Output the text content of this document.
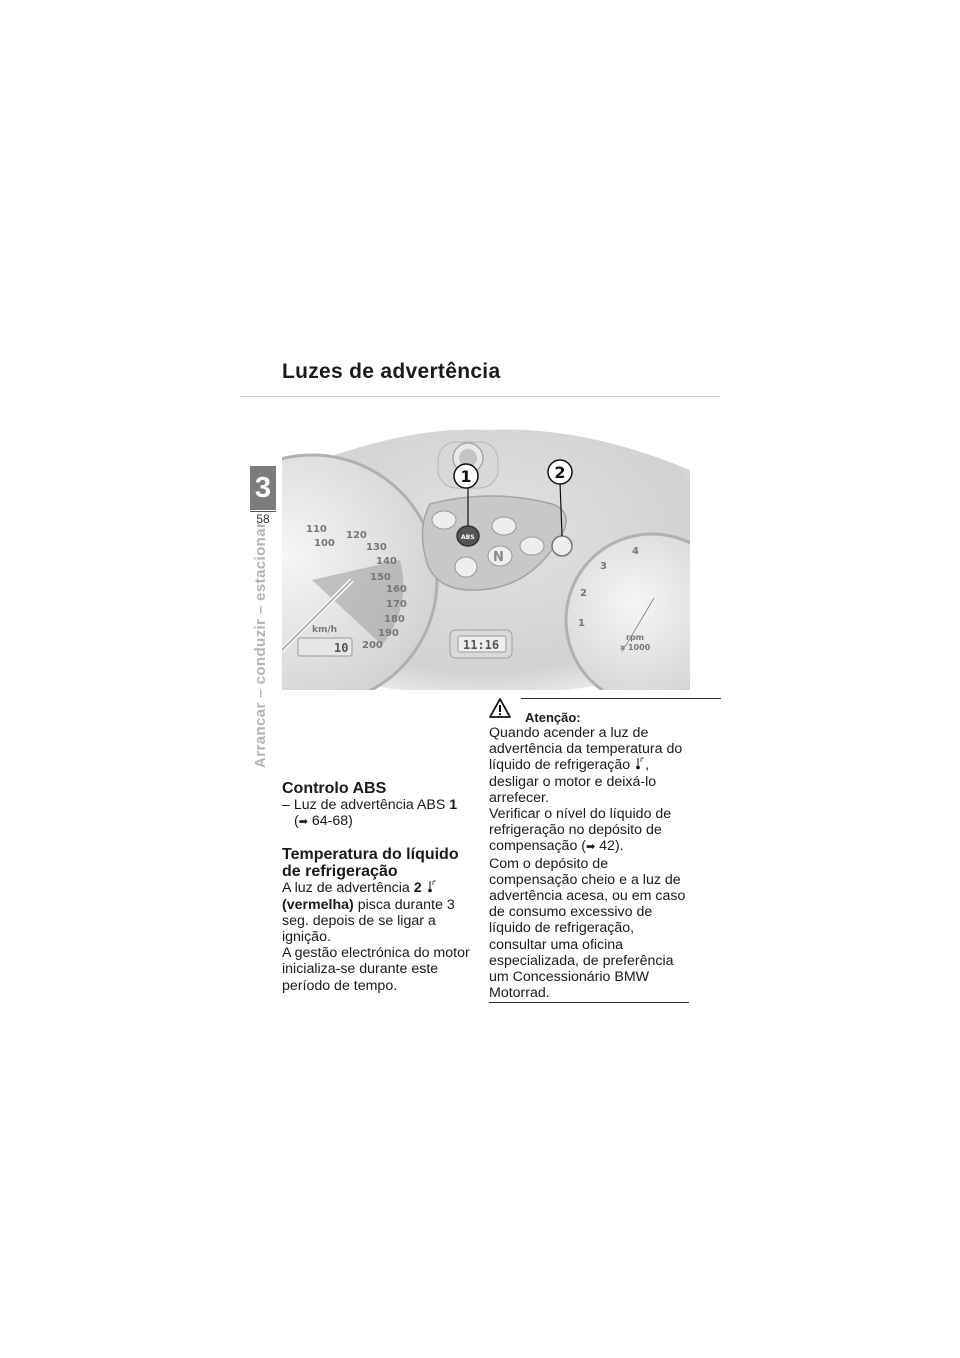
Luzes de advertência
3
58
Arrancar – conduzir – estacionar	110
120
100	130
140
150
160
170
180
190
200
km/h
10
ABS
N
1	2
11:16
1
2
3
4
rpm
x 1000
Controlo ABS

– Luz de advertência ABS 1

(➡ 64-68)

Temperatura do líquido de refrigeração

A luz de advertência 2  (vermelha) pisca durante 3 seg. depois de se ligar a ignição.

A gestão electrónica do motor inicializa-se durante este período de tempo.

Atenção:

Quando acender a luz de advertência da temperatura do líquido de refrigeração , desligar o motor e deixá-lo arrefecer.

Verificar o nível do líquido de refrigeração no depósito de compensação (➡ 42).

Com o depósito de compensação cheio e a luz de advertência acesa, ou em caso de consumo excessivo de líquido de refrigeração, consultar uma oficina especializada, de preferência um Concessionário BMW Motorrad.
